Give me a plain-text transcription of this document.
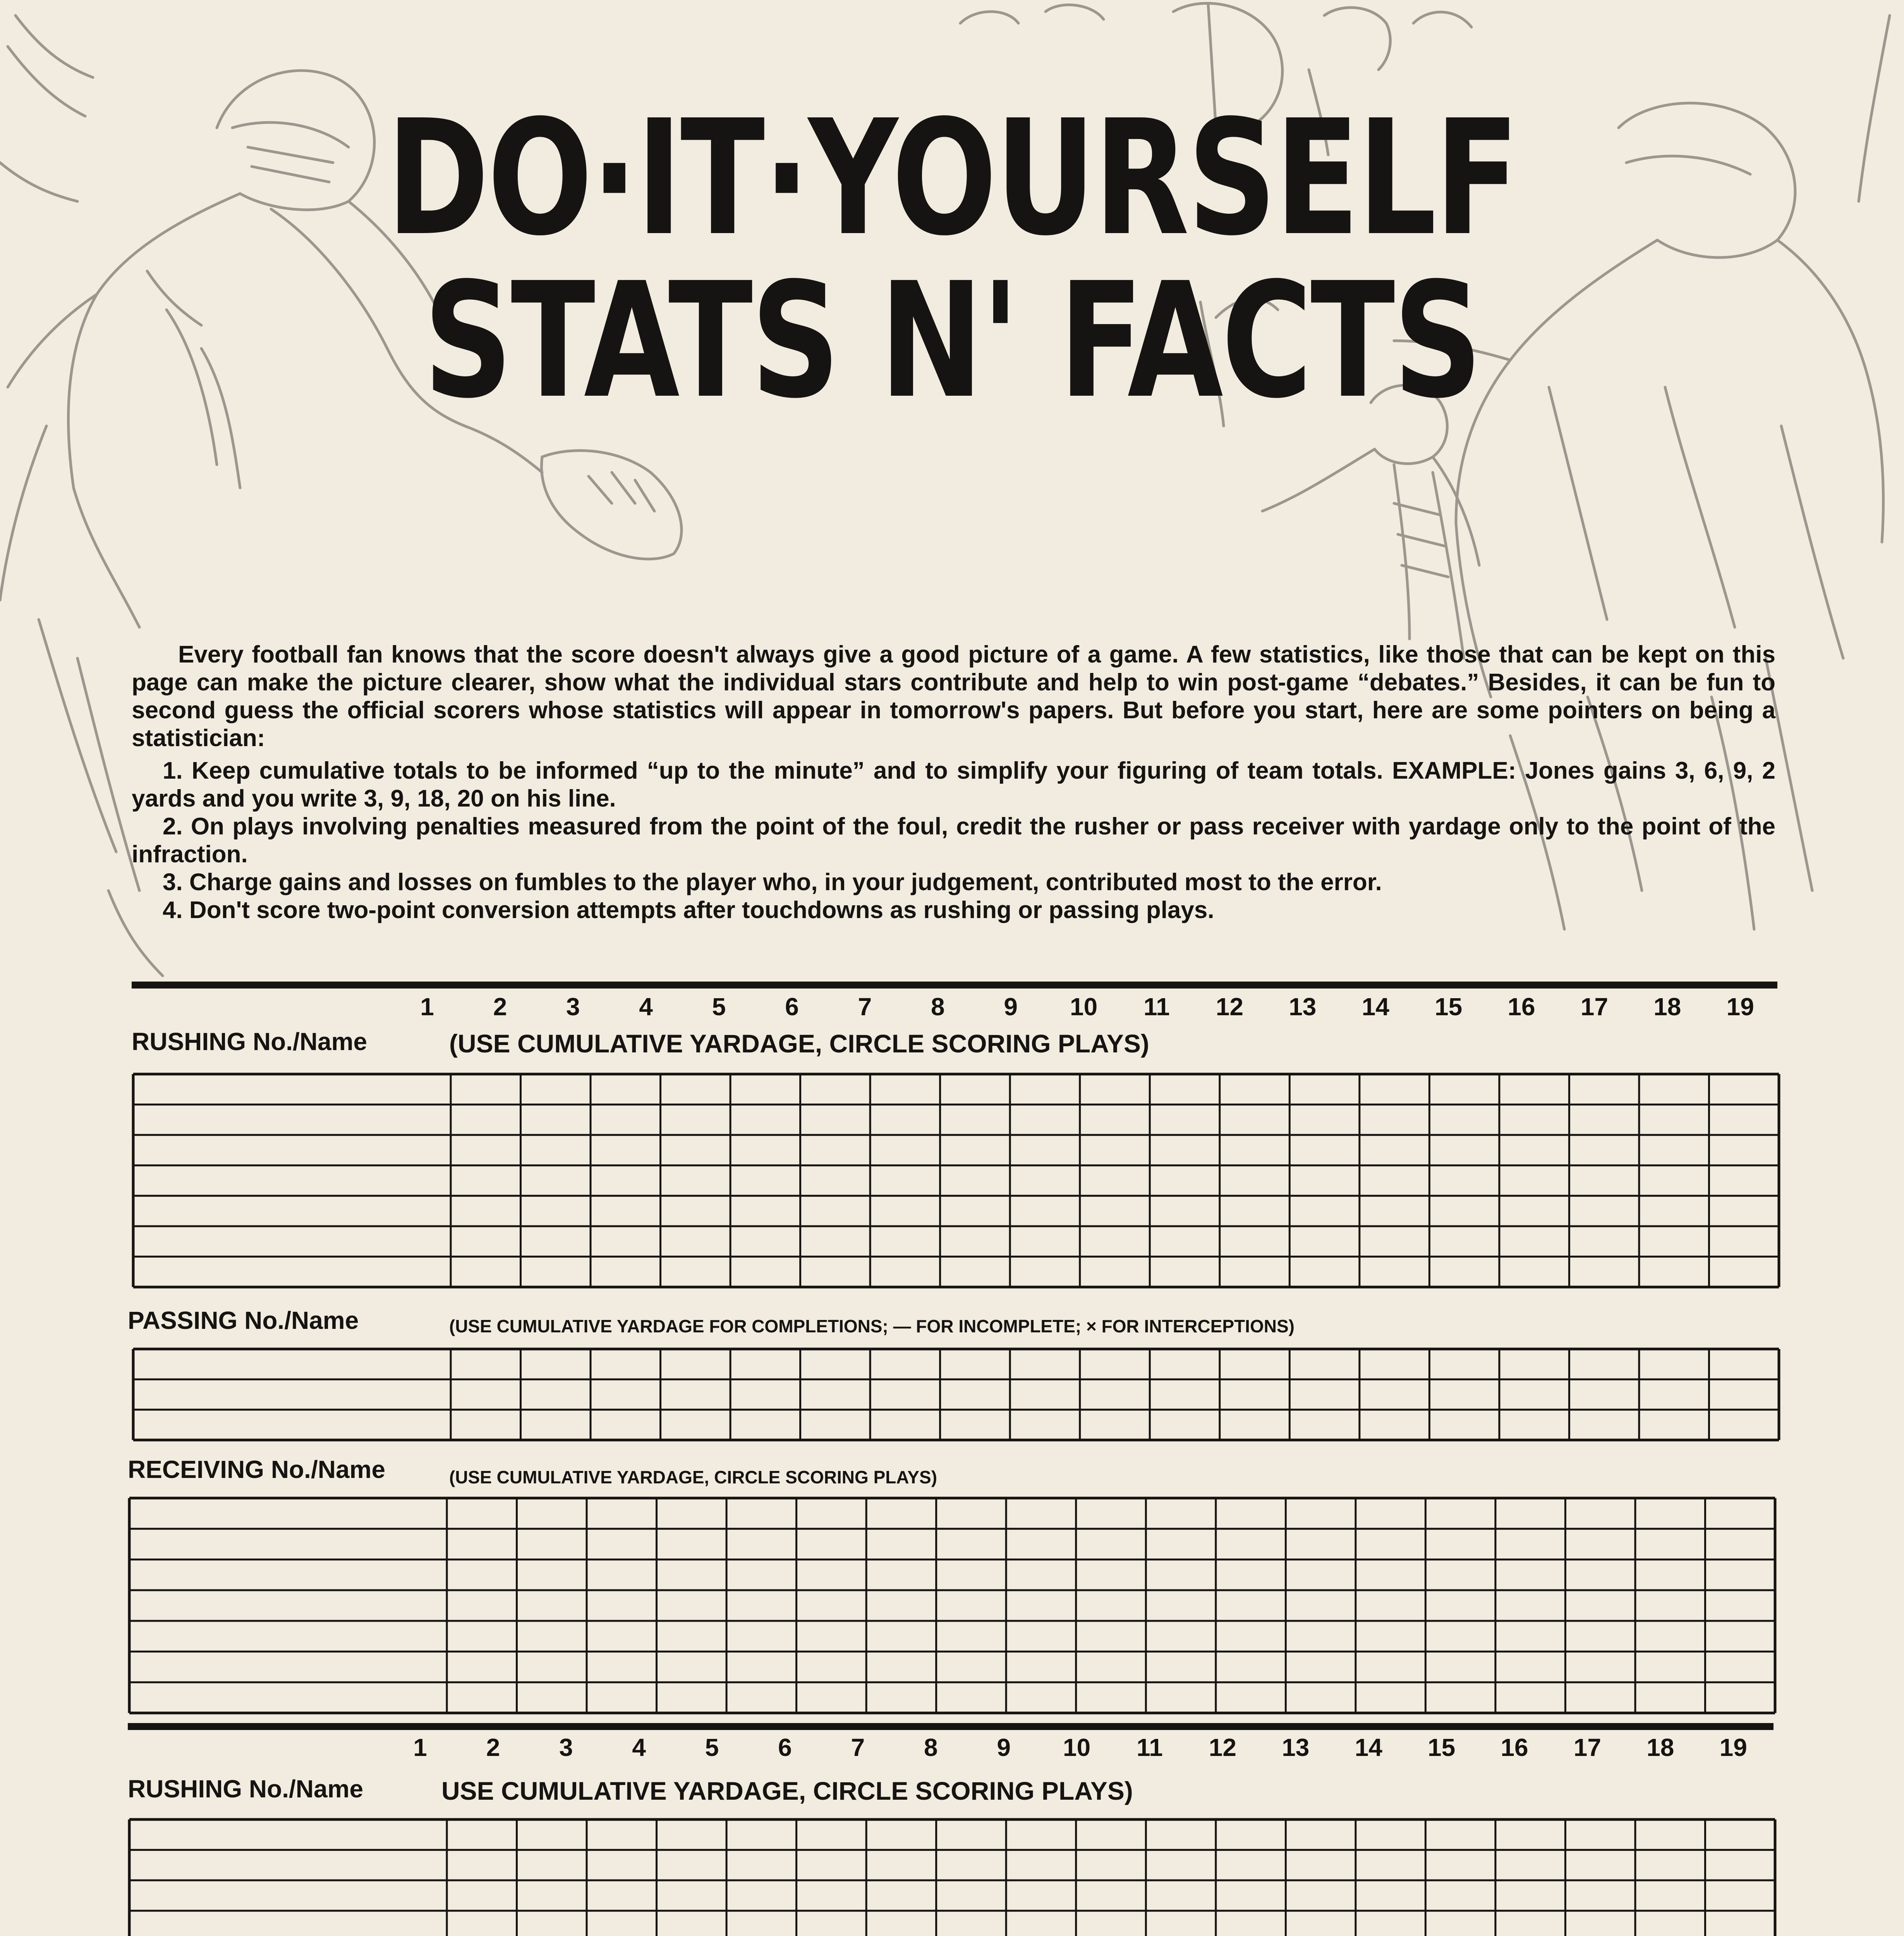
DO·IT·YOURSELF
STATS N' FACTS

Every football fan knows that the score doesn't always give a good picture of a game. A few statistics, like those that can be kept on this page can make the picture clearer, show what the individual stars contribute and help to win post-game “debates.” Besides, it can be fun to second guess the official scorers whose statistics will appear in tomorrow's papers. But before you start, here are some pointers on being a statistician:

1. Keep cumulative totals to be informed “up to the minute” and to simplify your figuring of team totals. EXAMPLE: Jones gains 3, 6, 9, 2 yards and you write 3, 9, 18, 20 on his line.

2. On plays involving penalties measured from the point of the foul, credit the rusher or pass receiver with yardage only to the point of the infraction.

3. Charge gains and losses on fumbles to the player who, in your judgement, contributed most to the error.

4. Don't score two-point conversion attempts after touchdowns as rushing or passing plays.

RUSHING No./Name	(USE CUMULATIVE YARDAGE, CIRCLE SCORING PLAYS)
PASSING No./Name	(USE CUMULATIVE YARDAGE FOR COMPLETIONS; — FOR INCOMPLETE; × FOR INTERCEPTIONS)
RECEIVING No./Name	(USE CUMULATIVE YARDAGE, CIRCLE SCORING PLAYS)
RUSHING No./Name	USE CUMULATIVE YARDAGE, CIRCLE SCORING PLAYS)
1	2	3	4	5	6	7	8	9	10 11 12 13 14 15 16 17 18 19
1	2	3	4	5	6	7	8	9	10 11 12 13 14 15 16 17 18 19
